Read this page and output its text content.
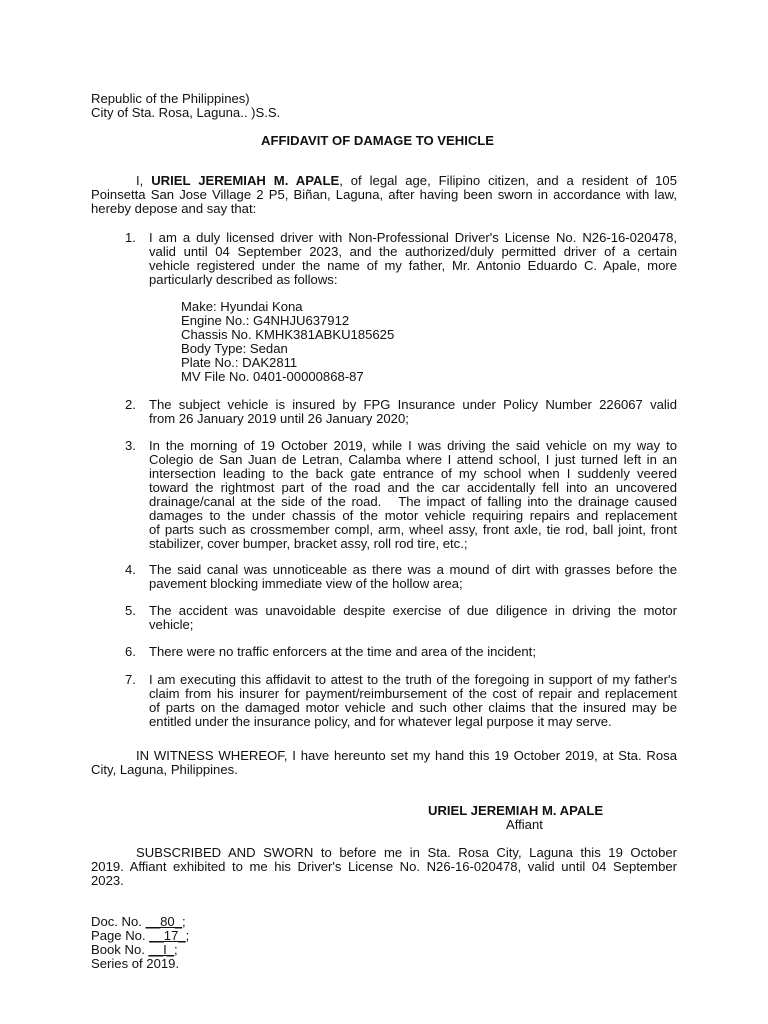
Republic of the Philippines)
City of Sta. Rosa, Laguna.. )S.S.
AFFIDAVIT OF DAMAGE TO VEHICLE
I, URIEL JEREMIAH M. APALE, of legal age, Filipino citizen, and a resident of 105
Poinsetta San Jose Village 2 P5, Biñan, Laguna, after having been sworn in accordance with law,
hereby depose and say that:
1. I am a duly licensed driver with Non-Professional Driver's License No. N26-16-020478,
valid until 04 September 2023, and the authorized/duly permitted driver of a certain
vehicle registered under the name of my father, Mr. Antonio Eduardo C. Apale, more
particularly described as follows:
Make: Hyundai Kona
Engine No.: G4NHJU637912
Chassis No. KMHK381ABKU185625
Body Type: Sedan
Plate No.: DAK2811
MV File No. 0401-00000868-87
2. The subject vehicle is insured by FPG Insurance under Policy Number 226067 valid
from 26 January 2019 until 26 January 2020;
3. In the morning of 19 October 2019, while I was driving the said vehicle on my way to
Colegio de San Juan de Letran, Calamba where I attend school, I just turned left in an
intersection leading to the back gate entrance of my school when I suddenly veered
toward the rightmost part of the road and the car accidentally fell into an uncovered
drainage/canal at the side of the road.   The impact of falling into the drainage caused
damages to the under chassis of the motor vehicle requiring repairs and replacement
of parts such as crossmember compl, arm, wheel assy, front axle, tie rod, ball joint, front
stabilizer, cover bumper, bracket assy, roll rod tire, etc.;
4. The said canal was unnoticeable as there was a mound of dirt with grasses before the
pavement blocking immediate view of the hollow area;
5. The accident was unavoidable despite exercise of due diligence in driving the motor
vehicle;
6. There were no traffic enforcers at the time and area of the incident;
7. I am executing this affidavit to attest to the truth of the foregoing in support of my father's
claim from his insurer for payment/reimbursement of the cost of repair and replacement
of parts on the damaged motor vehicle and such other claims that the insured may be
entitled under the insurance policy, and for whatever legal purpose it may serve.
IN WITNESS WHEREOF, I have hereunto set my hand this 19 October 2019, at Sta. Rosa
City, Laguna, Philippines.
URIEL JEREMIAH M. APALE
Affiant
SUBSCRIBED AND SWORN to before me in Sta. Rosa City, Laguna this 19 October
2019. Affiant exhibited to me his Driver's License No. N26-16-020478, valid until 04 September
2023.
Doc. No. __80_;
Page No. __17_;
Book No. __I_;
Series of 2019.
